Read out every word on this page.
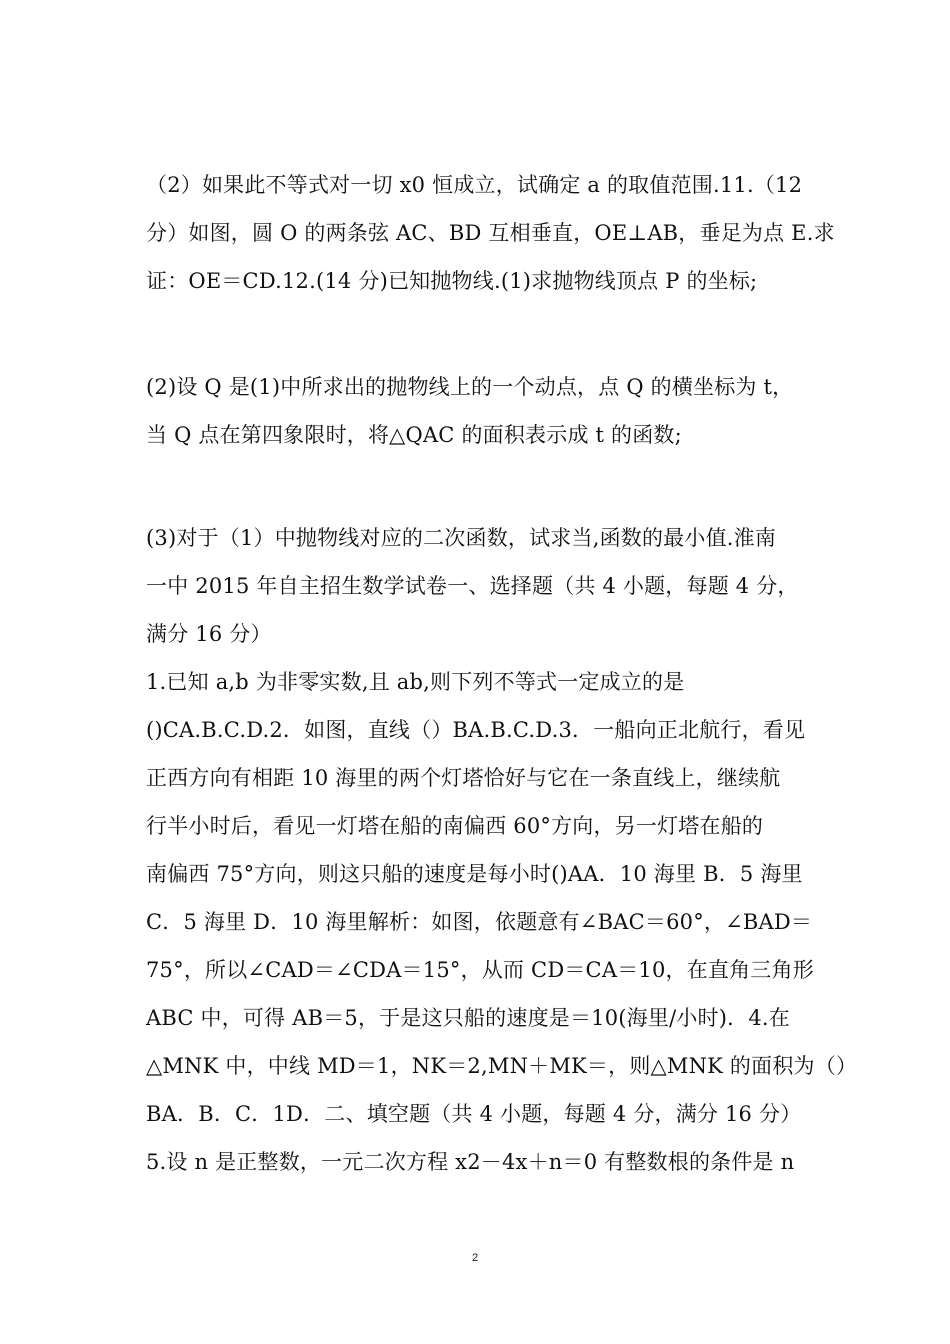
（2）如果此不等式对一切 x0 恒成立，试确定 a 的取值范围.11.（12
分）如图，圆 O 的两条弦 AC、BD 互相垂直，OE⊥AB，垂足为点 E.求
证：OE＝CD.12.(14 分)已知抛物线.(1)求抛物线顶点 P 的坐标;
(2)设 Q 是(1)中所求出的抛物线上的一个动点，点 Q 的横坐标为 t，
当 Q 点在第四象限时，将△QAC 的面积表示成 t 的函数;
(3)对于（1）中抛物线对应的二次函数，试求当,函数的最小值.淮南
一中 2015 年自主招生数学试卷一、选择题（共 4 小题，每题 4 分，
满分 16 分）
1.已知 a,b 为非零实数,且 ab,则下列不等式一定成立的是
()CA.B.C.D.2．如图，直线（）BA.B.C.D.3．一船向正北航行，看见
正西方向有相距 10 海里的两个灯塔恰好与它在一条直线上，继续航
行半小时后，看见一灯塔在船的南偏西 60°方向，另一灯塔在船的
南偏西 75°方向，则这只船的速度是每小时()AA．10 海里 B．5 海里
C．5 海里 D．10 海里解析：如图，依题意有∠BAC＝60°，∠BAD＝
75°，所以∠CAD＝∠CDA＝15°，从而 CD＝CA＝10，在直角三角形
ABC 中，可得 AB＝5，于是这只船的速度是＝10(海里/小时)．4.在
△MNK 中，中线 MD＝1，NK＝2,MN＋MK＝，则△MNK 的面积为（）
BA．B．C．1D．二、填空题（共 4 小题，每题 4 分，满分 16 分）
5.设 n 是正整数，一元二次方程 x2－4x＋n＝0 有整数根的条件是 n
2
